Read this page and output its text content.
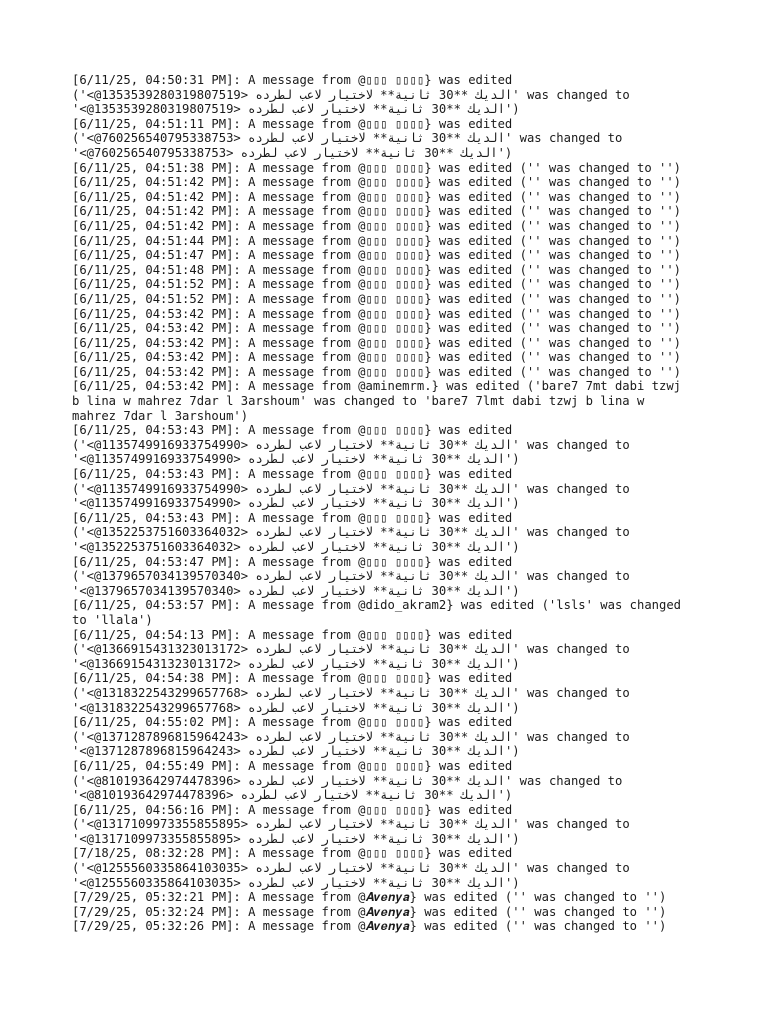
[6/11/25, 04:50:31 PM]: A message from @▯▯▯ ▯▯▯▯} was edited
('<@1353539280319807519> الديك **30 ثانية** لاختيار لاعب لطرده' was changed to
'<@1353539280319807519> الديك **30 ثانية** لاختيار لاعب لطرده')
[6/11/25, 04:51:11 PM]: A message from @▯▯▯ ▯▯▯▯} was edited
('<@760256540795338753> الديك **30 ثانية** لاختيار لاعب لطرده' was changed to
'<@760256540795338753> الديك **30 ثانية** لاختيار لاعب لطرده')
[6/11/25, 04:51:38 PM]: A message from @▯▯▯ ▯▯▯▯} was edited ('' was changed to '')
[6/11/25, 04:51:42 PM]: A message from @▯▯▯ ▯▯▯▯} was edited ('' was changed to '')
[6/11/25, 04:51:42 PM]: A message from @▯▯▯ ▯▯▯▯} was edited ('' was changed to '')
[6/11/25, 04:51:42 PM]: A message from @▯▯▯ ▯▯▯▯} was edited ('' was changed to '')
[6/11/25, 04:51:42 PM]: A message from @▯▯▯ ▯▯▯▯} was edited ('' was changed to '')
[6/11/25, 04:51:44 PM]: A message from @▯▯▯ ▯▯▯▯} was edited ('' was changed to '')
[6/11/25, 04:51:47 PM]: A message from @▯▯▯ ▯▯▯▯} was edited ('' was changed to '')
[6/11/25, 04:51:48 PM]: A message from @▯▯▯ ▯▯▯▯} was edited ('' was changed to '')
[6/11/25, 04:51:52 PM]: A message from @▯▯▯ ▯▯▯▯} was edited ('' was changed to '')
[6/11/25, 04:51:52 PM]: A message from @▯▯▯ ▯▯▯▯} was edited ('' was changed to '')
[6/11/25, 04:53:42 PM]: A message from @▯▯▯ ▯▯▯▯} was edited ('' was changed to '')
[6/11/25, 04:53:42 PM]: A message from @▯▯▯ ▯▯▯▯} was edited ('' was changed to '')
[6/11/25, 04:53:42 PM]: A message from @▯▯▯ ▯▯▯▯} was edited ('' was changed to '')
[6/11/25, 04:53:42 PM]: A message from @▯▯▯ ▯▯▯▯} was edited ('' was changed to '')
[6/11/25, 04:53:42 PM]: A message from @▯▯▯ ▯▯▯▯} was edited ('' was changed to '')
[6/11/25, 04:53:42 PM]: A message from @aminemrm.} was edited ('bare7 7mt dabi tzwj
b lina w mahrez 7dar l 3arshoum' was changed to 'bare7 7lmt dabi tzwj b lina w
mahrez 7dar l 3arshoum')
[6/11/25, 04:53:43 PM]: A message from @▯▯▯ ▯▯▯▯} was edited
('<@1135749916933754990> الديك **30 ثانية** لاختيار لاعب لطرده' was changed to
'<@1135749916933754990> الديك **30 ثانية** لاختيار لاعب لطرده')
[6/11/25, 04:53:43 PM]: A message from @▯▯▯ ▯▯▯▯} was edited
('<@1135749916933754990> الديك **30 ثانية** لاختيار لاعب لطرده' was changed to
'<@1135749916933754990> الديك **30 ثانية** لاختيار لاعب لطرده')
[6/11/25, 04:53:43 PM]: A message from @▯▯▯ ▯▯▯▯} was edited
('<@1352253751603364032> الديك **30 ثانية** لاختيار لاعب لطرده' was changed to
'<@1352253751603364032> الديك **30 ثانية** لاختيار لاعب لطرده')
[6/11/25, 04:53:47 PM]: A message from @▯▯▯ ▯▯▯▯} was edited
('<@1379657034139570340> الديك **30 ثانية** لاختيار لاعب لطرده' was changed to
'<@1379657034139570340> الديك **30 ثانية** لاختيار لاعب لطرده')
[6/11/25, 04:53:57 PM]: A message from @dido_akram2} was edited ('lsls' was changed
to 'llala')
[6/11/25, 04:54:13 PM]: A message from @▯▯▯ ▯▯▯▯} was edited
('<@1366915431323013172> الديك **30 ثانية** لاختيار لاعب لطرده' was changed to
'<@1366915431323013172> الديك **30 ثانية** لاختيار لاعب لطرده')
[6/11/25, 04:54:38 PM]: A message from @▯▯▯ ▯▯▯▯} was edited
('<@1318322543299657768> الديك **30 ثانية** لاختيار لاعب لطرده' was changed to
'<@1318322543299657768> الديك **30 ثانية** لاختيار لاعب لطرده')
[6/11/25, 04:55:02 PM]: A message from @▯▯▯ ▯▯▯▯} was edited
('<@1371287896815964243> الديك **30 ثانية** لاختيار لاعب لطرده' was changed to
'<@1371287896815964243> الديك **30 ثانية** لاختيار لاعب لطرده')
[6/11/25, 04:55:49 PM]: A message from @▯▯▯ ▯▯▯▯} was edited
('<@810193642974478396> الديك **30 ثانية** لاختيار لاعب لطرده' was changed to
'<@810193642974478396> الديك **30 ثانية** لاختيار لاعب لطرده')
[6/11/25, 04:56:16 PM]: A message from @▯▯▯ ▯▯▯▯} was edited
('<@1317109973355855895> الديك **30 ثانية** لاختيار لاعب لطرده' was changed to
'<@1317109973355855895> الديك **30 ثانية** لاختيار لاعب لطرده')
[7/18/25, 08:32:28 PM]: A message from @▯▯▯ ▯▯▯▯} was edited
('<@1255560335864103035> الديك **30 ثانية** لاختيار لاعب لطرده' was changed to
'<@1255560335864103035> الديك **30 ثانية** لاختيار لاعب لطرده')
[7/29/25, 05:32:21 PM]: A message from @𝑨𝒗𝒆𝒏𝒚𝒂} was edited ('' was changed to '')
[7/29/25, 05:32:24 PM]: A message from @𝑨𝒗𝒆𝒏𝒚𝒂} was edited ('' was changed to '')
[7/29/25, 05:32:26 PM]: A message from @𝑨𝒗𝒆𝒏𝒚𝒂} was edited ('' was changed to '')
